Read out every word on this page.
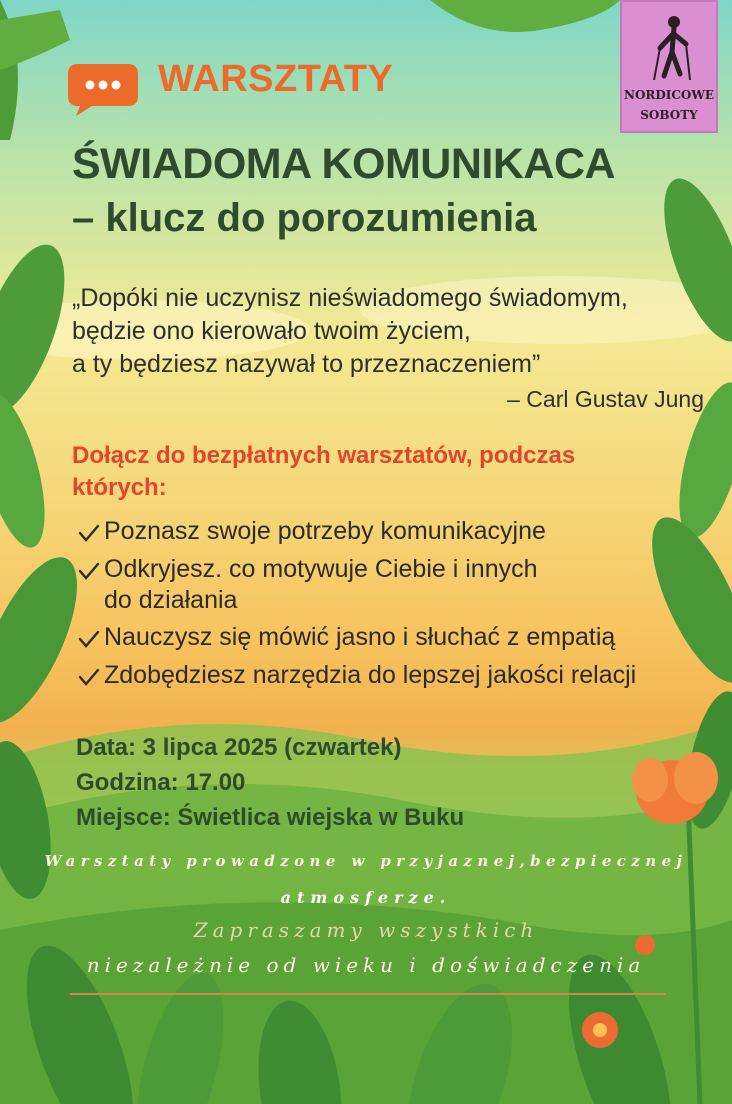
NORDICOWE
SOBOTY
WARSZTATY
ŚWIADOMA KOMUNIKACA
– klucz do porozumienia
„Dopóki nie uczynisz nieświadomego świadomym,
będzie ono kierowało twoim życiem,
a ty będziesz nazywał to przeznaczeniem”
– Carl Gustav Jung
Dołącz do bezpłatnych warsztatów, podczas których:
Poznasz swoje potrzeby komunikacyjne
Odkryjesz. co motywuje Ciebie i innych
do działania
Nauczysz się mówić jasno i słuchać z empatią
Zdobędziesz narzędzia do lepszej jakości relacji
Data: 3 lipca 2025 (czwartek)
Godzina: 17.00
Miejsce: Świetlica wiejska w Buku
Warsztaty prowadzone w przyjaznej,bezpiecznej
atmosferze.
Zapraszamy wszystkich
niezależnie od wieku i doświadczenia
